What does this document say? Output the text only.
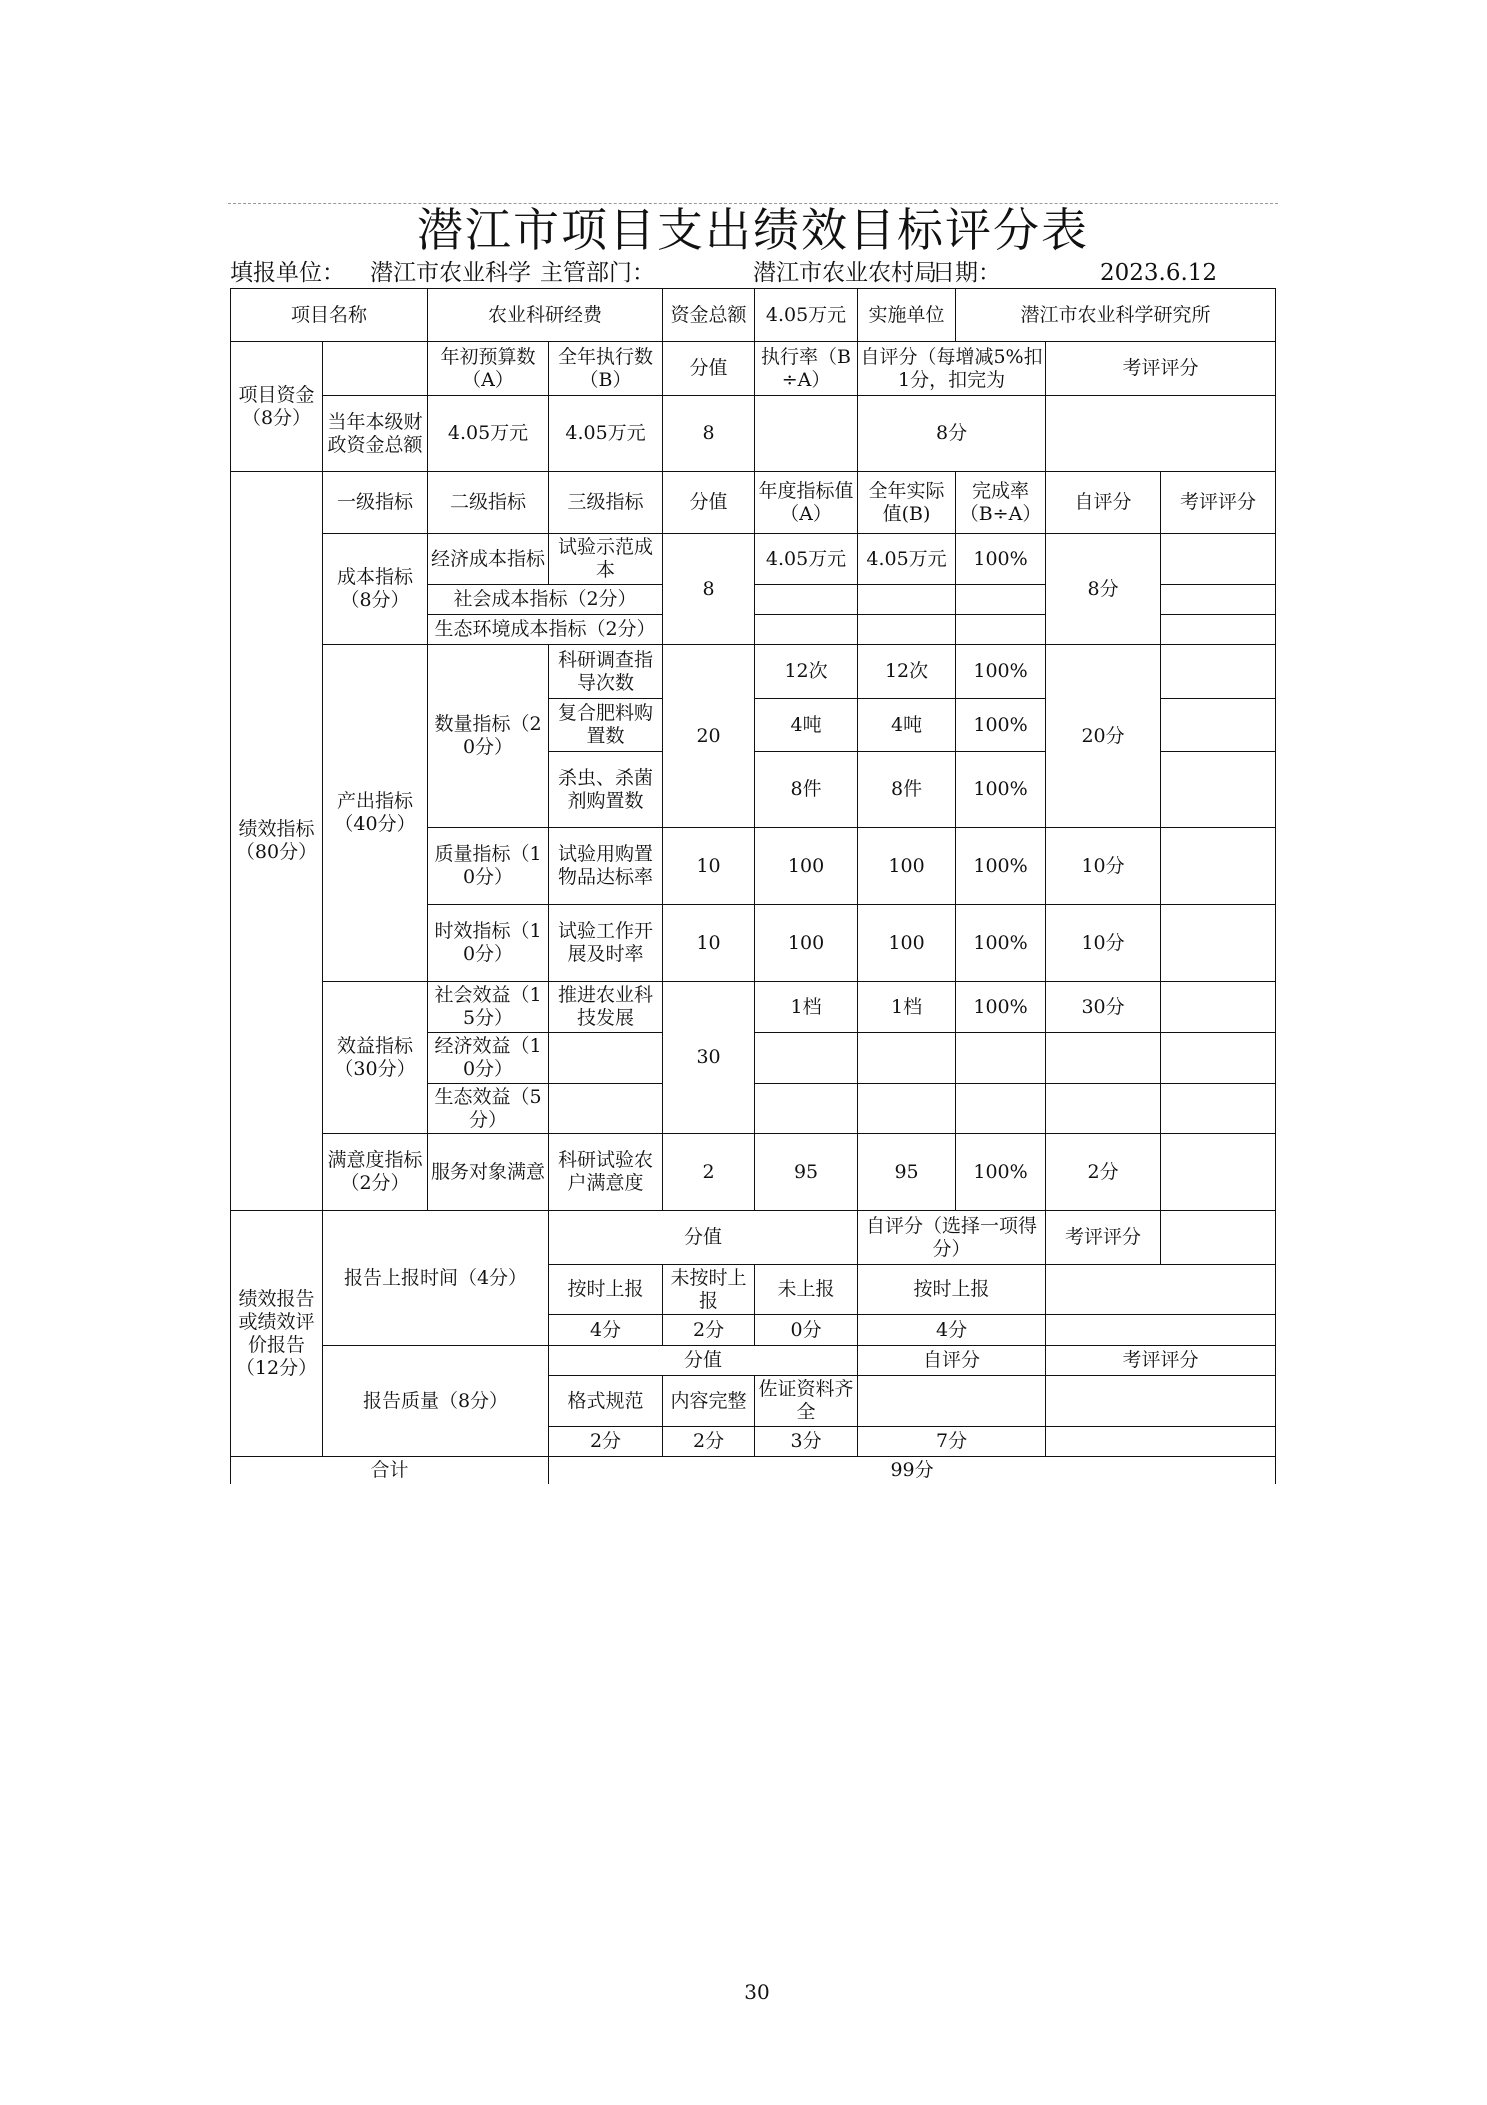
潜江市项目支出绩效目标评分表
填报单位： 潜江市农业科学 主管部门：	潜江市农业农村局
日期：	2023.6.12
项目名称		农业科研经费		资金总额	4.05万元	实施单位	潜江市农业科学研究所		
项目资金（8分）		年初预算数（A）	全年执行数（B）	分值	执行率（B÷A）	自评分（每增减5%扣1分，扣完为		考评评分	
	当年本级财政资金总额	4.05万元	4.05万元	8		8分			
绩效指标（80分）	一级指标	二级指标	三级指标	分值	年度指标值（A）	全年实际值(B)	完成率（B÷A）	自评分	考评评分
	成本指标（8分）	经济成本指标	试验示范成本	8	4.05万元	4.05万元	100%	8分	
		社会成本指标（2分）							
		生态环境成本指标（2分）							
	产出指标（40分）	数量指标（20分）	科研调查指导次数	20	12次	12次	100%	20分	
			复合肥料购置数		4吨	4吨	100%		
			杀虫、杀菌剂购置数		8件	8件	100%		
		质量指标（10分）	试验用购置物品达标率	10	100	100	100%	10分	
		时效指标（10分）	试验工作开展及时率	10	100	100	100%	10分	
	效益指标（30分）	社会效益（15分）	推进农业科技发展	30	1档	1档	100%	30分	
		经济效益（10分）							
		生态效益（5分）							
	满意度指标（2分）	服务对象满意	科研试验农户满意度	2	95	95	100%	2分	
绩效报告或绩效评价报告（12分）	报告上报时间（4分）		分值			自评分（选择一项得分）		考评评分	
			按时上报	未按时上报	未上报	按时上报			
			4分	2分	0分	4分			
	报告质量（8分）		分值			自评分		考评评分	
			格式规范	内容完整	佐证资料齐全				
			2分	2分	3分	7分			
合计			99分						
30
